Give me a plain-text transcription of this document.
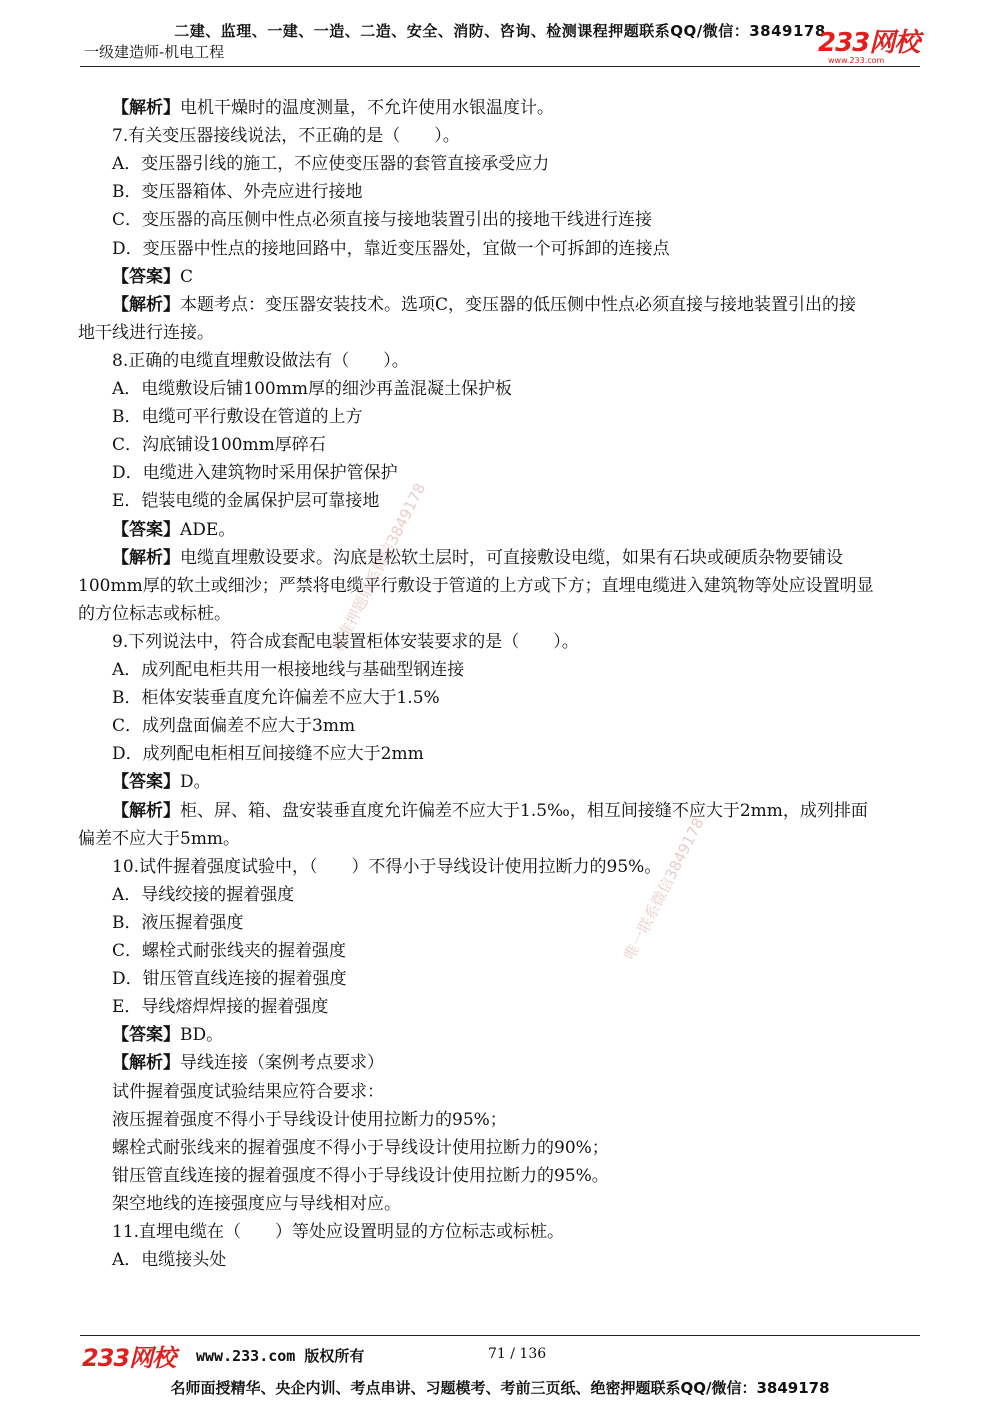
二建、监理、一建、一造、二造、安全、消防、咨询、检测课程押题联系QQ/微信：3849178
一级建造师-机电工程	233网校
www.233.com
【解析】电机干燥时的温度测量，不允许使用水银温度计。
7.有关变压器接线说法，不正确的是（　　）。
A．变压器引线的施工，不应使变压器的套管直接承受应力
B．变压器箱体、外壳应进行接地
C．变压器的高压侧中性点必须直接与接地装置引出的接地干线进行连接
D．变压器中性点的接地回路中，靠近变压器处，宜做一个可拆卸的连接点
【答案】C
【解析】本题考点：变压器安装技术。选项C，变压器的低压侧中性点必须直接与接地装置引出的接
地干线进行连接。
8.正确的电缆直埋敷设做法有（　　）。
A．电缆敷设后铺100mm厚的细沙再盖混凝土保护板
B．电缆可平行敷设在管道的上方
C．沟底铺设100mm厚碎石
D．电缆进入建筑物时采用保护管保护
E．铠装电缆的金属保护层可靠接地
【答案】ADE。
【解析】电缆直埋敷设要求。沟底是松软土层时，可直接敷设电缆，如果有石块或硬质杂物要铺设
100mm厚的软土或细沙；严禁将电缆平行敷设于管道的上方或下方；直埋电缆进入建筑物等处应设置明显
的方位标志或标桩。
9.下列说法中，符合成套配电装置柜体安装要求的是（　　）。
A．成列配电柜共用一根接地线与基础型钢连接
B．柜体安装垂直度允许偏差不应大于1.5%
C．成列盘面偏差不应大于3mm
D．成列配电柜相互间接缝不应大于2mm
【答案】D。
【解析】柜、屏、箱、盘安装垂直度允许偏差不应大于1.5‰，相互间接缝不应大于2mm，成列排面
偏差不应大于5mm。
10.试件握着强度试验中，（　　）不得小于导线设计使用拉断力的95%。
A．导线绞接的握着强度
B．液压握着强度
C．螺栓式耐张线夹的握着强度
D．钳压管直线连接的握着强度
E．导线熔焊焊接的握着强度
【答案】BD。
【解析】导线连接（案例考点要求）
试件握着强度试验结果应符合要求：
液压握着强度不得小于导线设计使用拉断力的95%；
螺栓式耐张线来的握着强度不得小于导线设计使用拉断力的90%；
钳压管直线连接的握着强度不得小于导线设计使用拉断力的95%。
架空地线的连接强度应与导线相对应。
11.直埋电缆在（　　）等处应设置明显的方位标志或标桩。
A．电缆接头处
精准押题联系微信3849178
唯一联系微信3849178
233网校 www.233.com 版权所有	71 / 136
名师面授精华、央企内训、考点串讲、习题模考、考前三页纸、绝密押题联系QQ/微信：3849178
